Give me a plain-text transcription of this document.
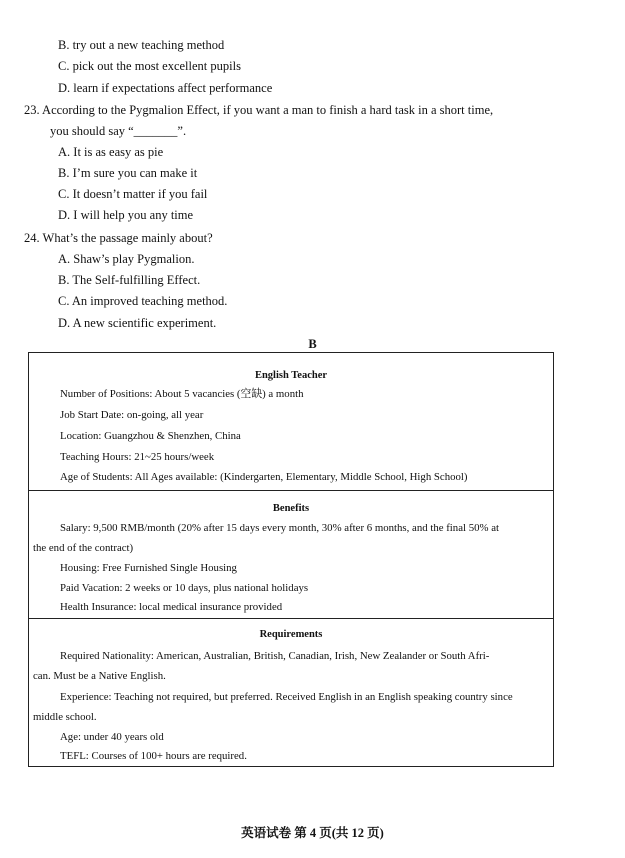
B. try out a new teaching method
C. pick out the most excellent pupils
D. learn if expectations affect performance
23. According to the Pygmalion Effect, if you want a man to finish a hard task in a short time,
you should say “_______”.
A. It is as easy as pie
B. I’m sure you can make it
C. It doesn’t matter if you fail
D. I will help you any time
24. What’s the passage mainly about?
A. Shaw’s play Pygmalion.
B. The Self-fulfilling Effect.
C. An improved teaching method.
D. A new scientific experiment.
B
English Teacher
Number of Positions: About 5 vacancies (空缺) a month
Job Start Date: on-going, all year
Location: Guangzhou & Shenzhen, China
Teaching Hours: 21~25 hours/week
Age of Students: All Ages available: (Kindergarten, Elementary, Middle School, High School)
Benefits
Salary: 9,500 RMB/month (20% after 15 days every month, 30% after 6 months, and the final 50% at
the end of the contract)
Housing: Free Furnished Single Housing
Paid Vacation: 2 weeks or 10 days, plus national holidays
Health Insurance: local medical insurance provided
Requirements
Required Nationality: American, Australian, British, Canadian, Irish, New Zealander or South Afri-
can. Must be a Native English.
Experience: Teaching not required, but preferred. Received English in an English speaking country since
middle school.
Age: under 40 years old
TEFL: Courses of 100+ hours are required.
英语试卷 第 4 页(共 12 页)
